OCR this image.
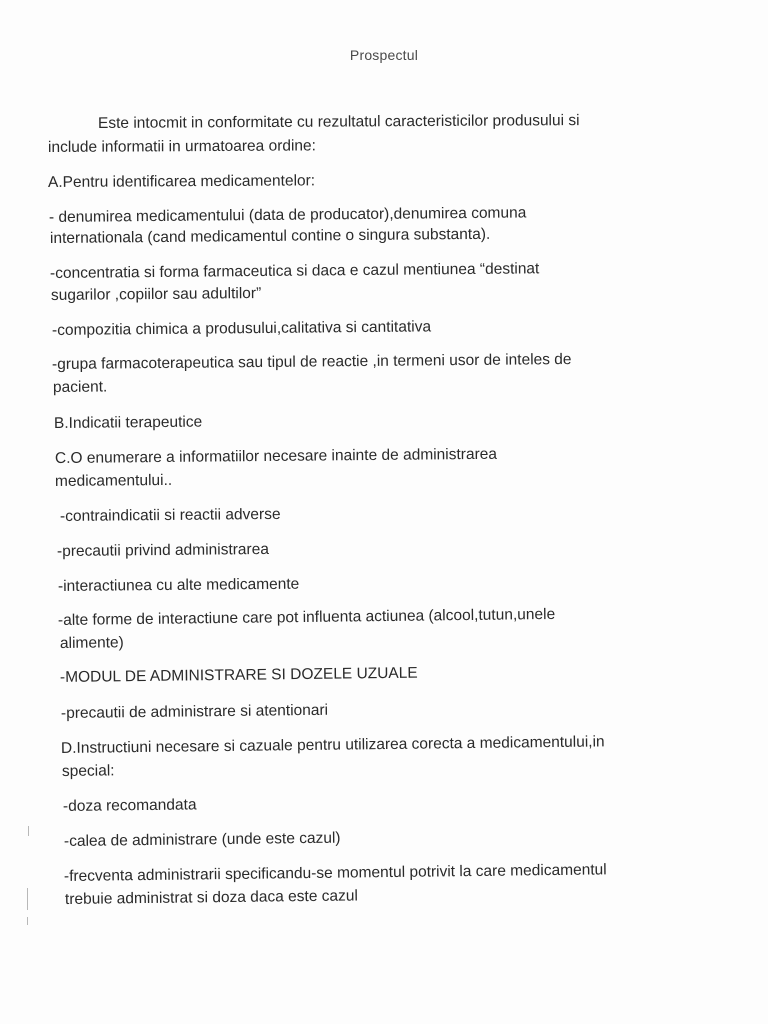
Prospectul
Este intocmit in conformitate cu rezultatul caracteristicilor produsului si
include informatii in urmatoarea ordine:
A.Pentru identificarea medicamentelor:
- denumirea medicamentului (data de producator),denumirea comuna
internationala (cand medicamentul contine o singura substanta).
-concentratia si forma farmaceutica si daca e cazul mentiunea “destinat
sugarilor ,copiilor sau adultilor”
-compozitia chimica a produsului,calitativa si cantitativa
-grupa farmacoterapeutica sau tipul de reactie ,in termeni usor de inteles de
pacient.
B.Indicatii terapeutice
C.O enumerare a informatiilor necesare inainte de administrarea
medicamentului..
-contraindicatii si reactii adverse
-precautii privind administrarea
-interactiunea cu alte medicamente
-alte forme de interactiune care pot influenta actiunea (alcool,tutun,unele
alimente)
-MODUL DE ADMINISTRARE SI DOZELE UZUALE
-precautii de administrare si atentionari
D.Instructiuni necesare si cazuale pentru utilizarea corecta a medicamentului,in
special:
-doza recomandata
-calea de administrare (unde este cazul)
-frecventa administrarii specificandu-se momentul potrivit la care medicamentul
trebuie administrat si doza daca este cazul
